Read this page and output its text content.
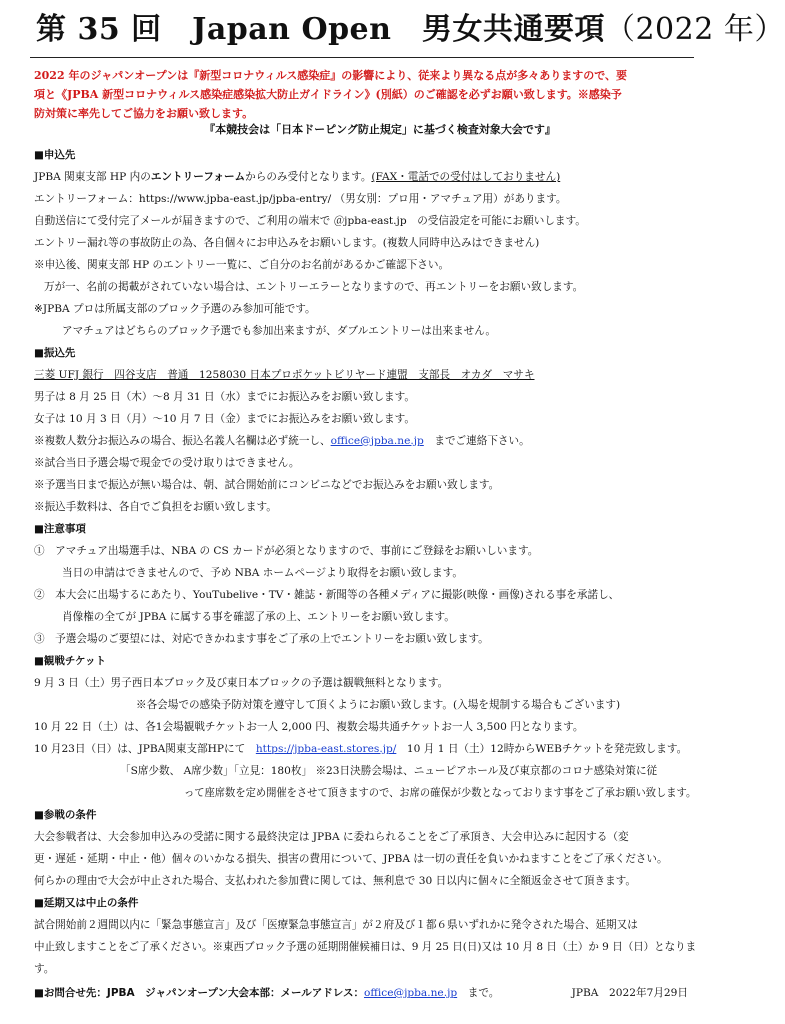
第 35 回　Japan Open　男女共通要項（2022 年）
2022 年のジャパンオープンは『新型コロナウィルス感染症』の影響により、従来より異なる点が多々ありますので、要
項と《JPBA 新型コロナウィルス感染症感染拡大防止ガイドライン》(別紙）のご確認を必ずお願い致します。※感染予
防対策に率先してご協力をお願い致します。
『本競技会は「日本ドーピング防止規定」に基づく検査対象大会です』
■申込先
JPBA 関東支部 HP 内のエントリーフォームからのみ受付となります。(FAX・電話での受付はしておりません)
エントリーフォーム：https://www.jpba-east.jp/jpba-entry/ （男女別：プロ用・アマチュア用）があります。
自動送信にて受付完了メールが届きますので、ご利用の端末で ＠jpba-east.jp　の受信設定を可能にお願いします。
エントリー漏れ等の事故防止の為、各自個々にお申込みをお願いします。(複数人同時申込みはできません)
※申込後、関東支部 HP のエントリー一覧に、ご自分のお名前があるかご確認下さい。
万が一、名前の掲載がされていない場合は、エントリーエラーとなりますので、再エントリーをお願い致します。
※JPBA プロは所属支部のブロック予選のみ参加可能です。
アマチュアはどちらのブロック予選でも参加出来ますが、ダブルエントリーは出来ません。
■振込先
三菱 UFJ 銀行　四谷支店　普通　1258030 日本プロポケットビリヤード連盟　支部長　オカダ　マサキ
男子は 8 月 25 日（木）～8 月 31 日（水）までにお振込みをお願い致します。
女子は 10 月 3 日（月）～10 月 7 日（金）までにお振込みをお願い致します。
※複数人数分お振込みの場合、振込名義人名欄は必ず統一し、office@jpba.ne.jp　 までご連絡下さい。
※試合当日予選会場で現金での受け取りはできません。
※予選当日まで振込が無い場合は、朝、試合開始前にコンビニなどでお振込みをお願い致します。
※振込手数料は、各自でご負担をお願い致します。
■注意事項
①　アマチュア出場選手は、NBA の CS カードが必須となりますので、事前にご登録をお願いしいます。
当日の申請はできませんので、予め NBA ホームページより取得をお願い致します。
②　本大会に出場するにあたり、YouTubelive・TV・雑誌・新聞等の各種メディアに撮影(映像・画像)される事を承諾し、
肖像権の全てが JPBA に属する事を確認了承の上、エントリーをお願い致します。
③　予選会場のご要望には、対応できかねます事をご了承の上でエントリーをお願い致します。
■観戦チケット
9 月 3 日（土）男子西日本ブロック及び東日本ブロックの予選は観戦無料となります。
※各会場での感染予防対策を遵守して頂くようにお願い致します。(入場を規制する場合もございます)
10 月 22 日（土）は、各1会場観戦チケットお一人 2,000 円、複数会場共通チケットお一人 3,500 円となります。
10 月23日（日）は、JPBA関東支部HPにて　 https://jpba-east.stores.jp/　 10 月 1 日（土）12時からWEBチケットを発売致します。
「S席少数、 A席少数」「立見：180枚」 ※23日決勝会場は、ニューピアホール及び東京都のコロナ感染対策に従
って座席数を定め開催をさせて頂きますので、お席の確保が少数となっております事をご了承お願い致します。
■参戦の条件
大会参戦者は、大会参加申込みの受諾に関する最終決定は JPBA に委ねられることをご了承頂き、大会申込みに起因する（変
更・遅延・延期・中止・他）個々のいかなる損失、損害の費用について、JPBA は一切の責任を負いかねますことをご了承ください。
何らかの理由で大会が中止された場合、支払われた参加費に関しては、無利息で 30 日以内に個々に全額返金させて頂きます。
■延期又は中止の条件
試合開始前２週間以内に「緊急事態宣言」及び「医療緊急事態宣言」が２府及び１都６県いずれかに発令された場合、延期又は
中止致しますことをご了承ください。※東西ブロック予選の延期開催候補日は、9 月 25 日(日)又は 10 月 8 日（土）か 9 日（日）となりま
す。
■お問合せ先：JPBA　ジャパンオープン大会本部：メールアドレス：office@jpba.ne.jp　 まで。	JPBA　2022年7月29日
